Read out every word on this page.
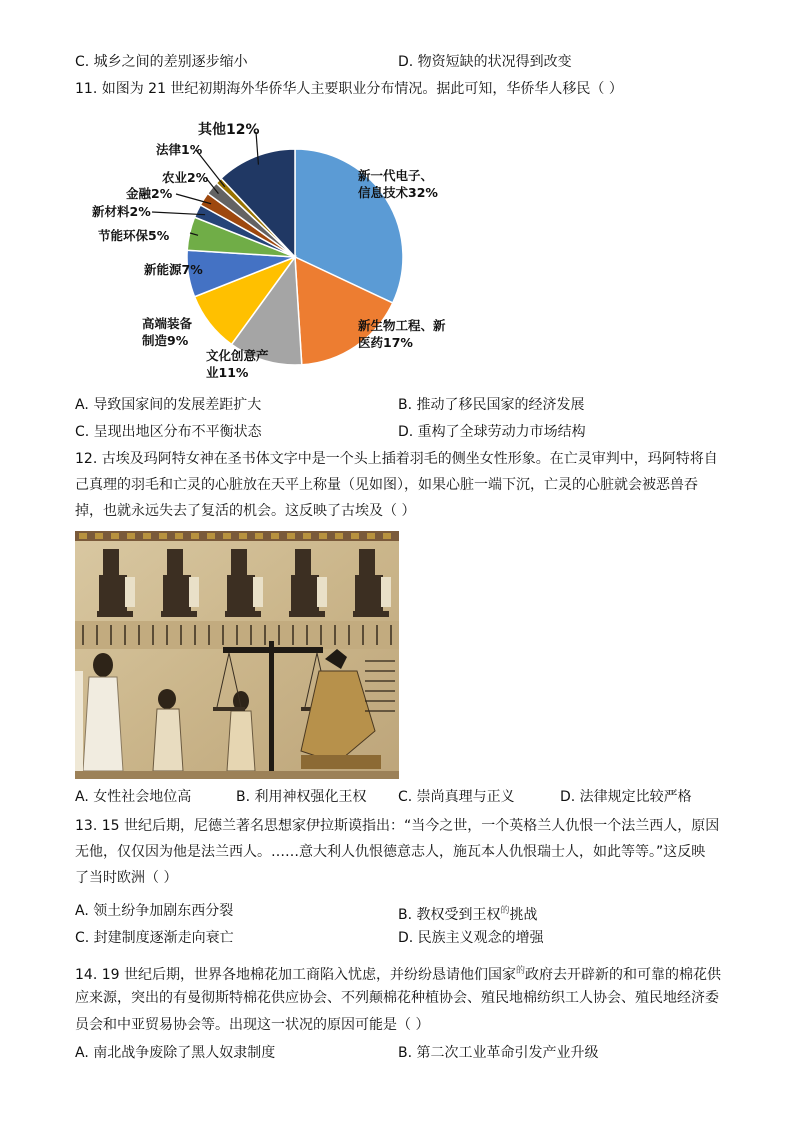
C. 城乡之间的差别逐步缩小	D. 物资短缺的状况得到改变
11. 如图为 21 世纪初期海外华侨华人主要职业分布情况。据此可知，华侨华人移民（ ）
新一代电子、信息技术32%
新生物工程、新医药17%
文化创意产业11%
高端装备制造9%
新能源7%
节能环保5%
新材料2%
金融2%
农业2%
法律1%
其他12%
A. 导致国家间的发展差距扩大	B. 推动了移民国家的经济发展
C. 呈现出地区分布不平衡状态	D. 重构了全球劳动力市场结构
12. 古埃及玛阿特女神在圣书体文字中是一个头上插着羽毛的侧坐女性形象。在亡灵审判中，玛阿特将自
己真理的羽毛和亡灵的心脏放在天平上称量（见如图），如果心脏一端下沉，亡灵的心脏就会被恶兽吞
掉，也就永远失去了复活的机会。这反映了古埃及（ ）
A. 女性社会地位高	B. 利用神权强化王权 C. 崇尚真理与正义	D. 法律规定比较严格
13. 15 世纪后期，尼德兰著名思想家伊拉斯谟指出：“当今之世，一个英格兰人仇恨一个法兰西人，原因
无他，仅仅因为他是法兰西人。……意大利人仇恨德意志人，施瓦本人仇恨瑞士人，如此等等。”这反映
了当时欧洲（ ）
A. 领土纷争加剧东西分裂	B. 教权受到王权$^的$挑战
C. 封建制度逐渐走向衰亡	D. 民族主义观念的增强
14. 19 世纪后期，世界各地棉花加工商陷入忧虑，并纷纷恳请他们国家$^的$政府去开辟新的和可靠的棉花供
应来源，突出的有曼彻斯特棉花供应协会、不列颠棉花种植协会、殖民地棉纺织工人协会、殖民地经济委
员会和中亚贸易协会等。出现这一状况的原因可能是（ ）
A. 南北战争废除了黑人奴隶制度	B. 第二次工业革命引发产业升级
